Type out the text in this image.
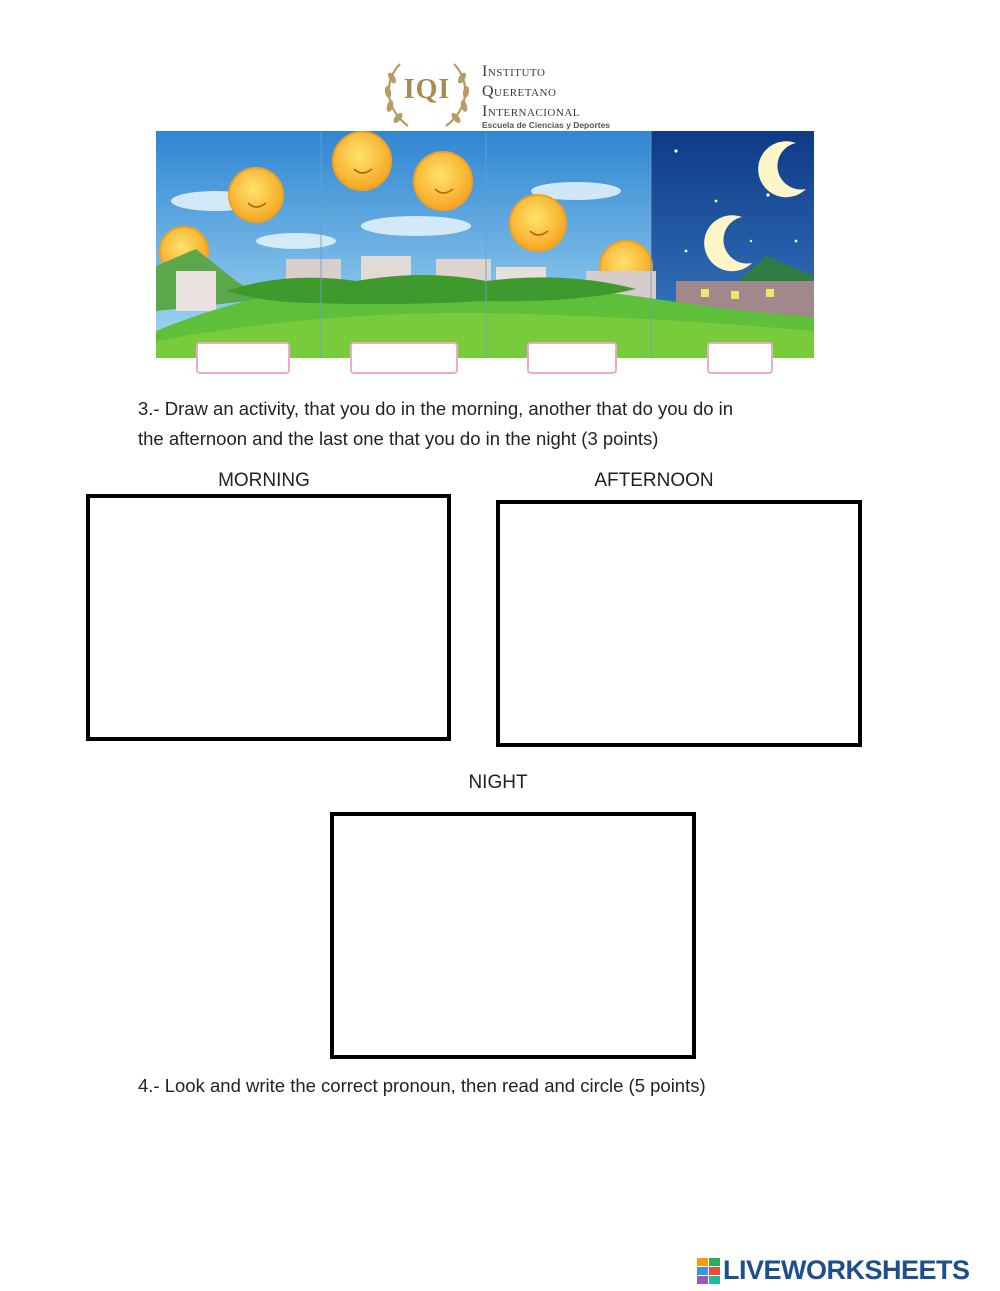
IQI
Instituto
Queretano
Internacional
Escuela de Ciencias y Deportes
3.- Draw an activity, that you do in the morning, another that do you do in
the afternoon and the last one that you do in the night (3 points)
MORNING	AFTERNOON
NIGHT
4.- Look and write the correct pronoun, then read and circle (5 points)
LIVEWORKSHEETS
